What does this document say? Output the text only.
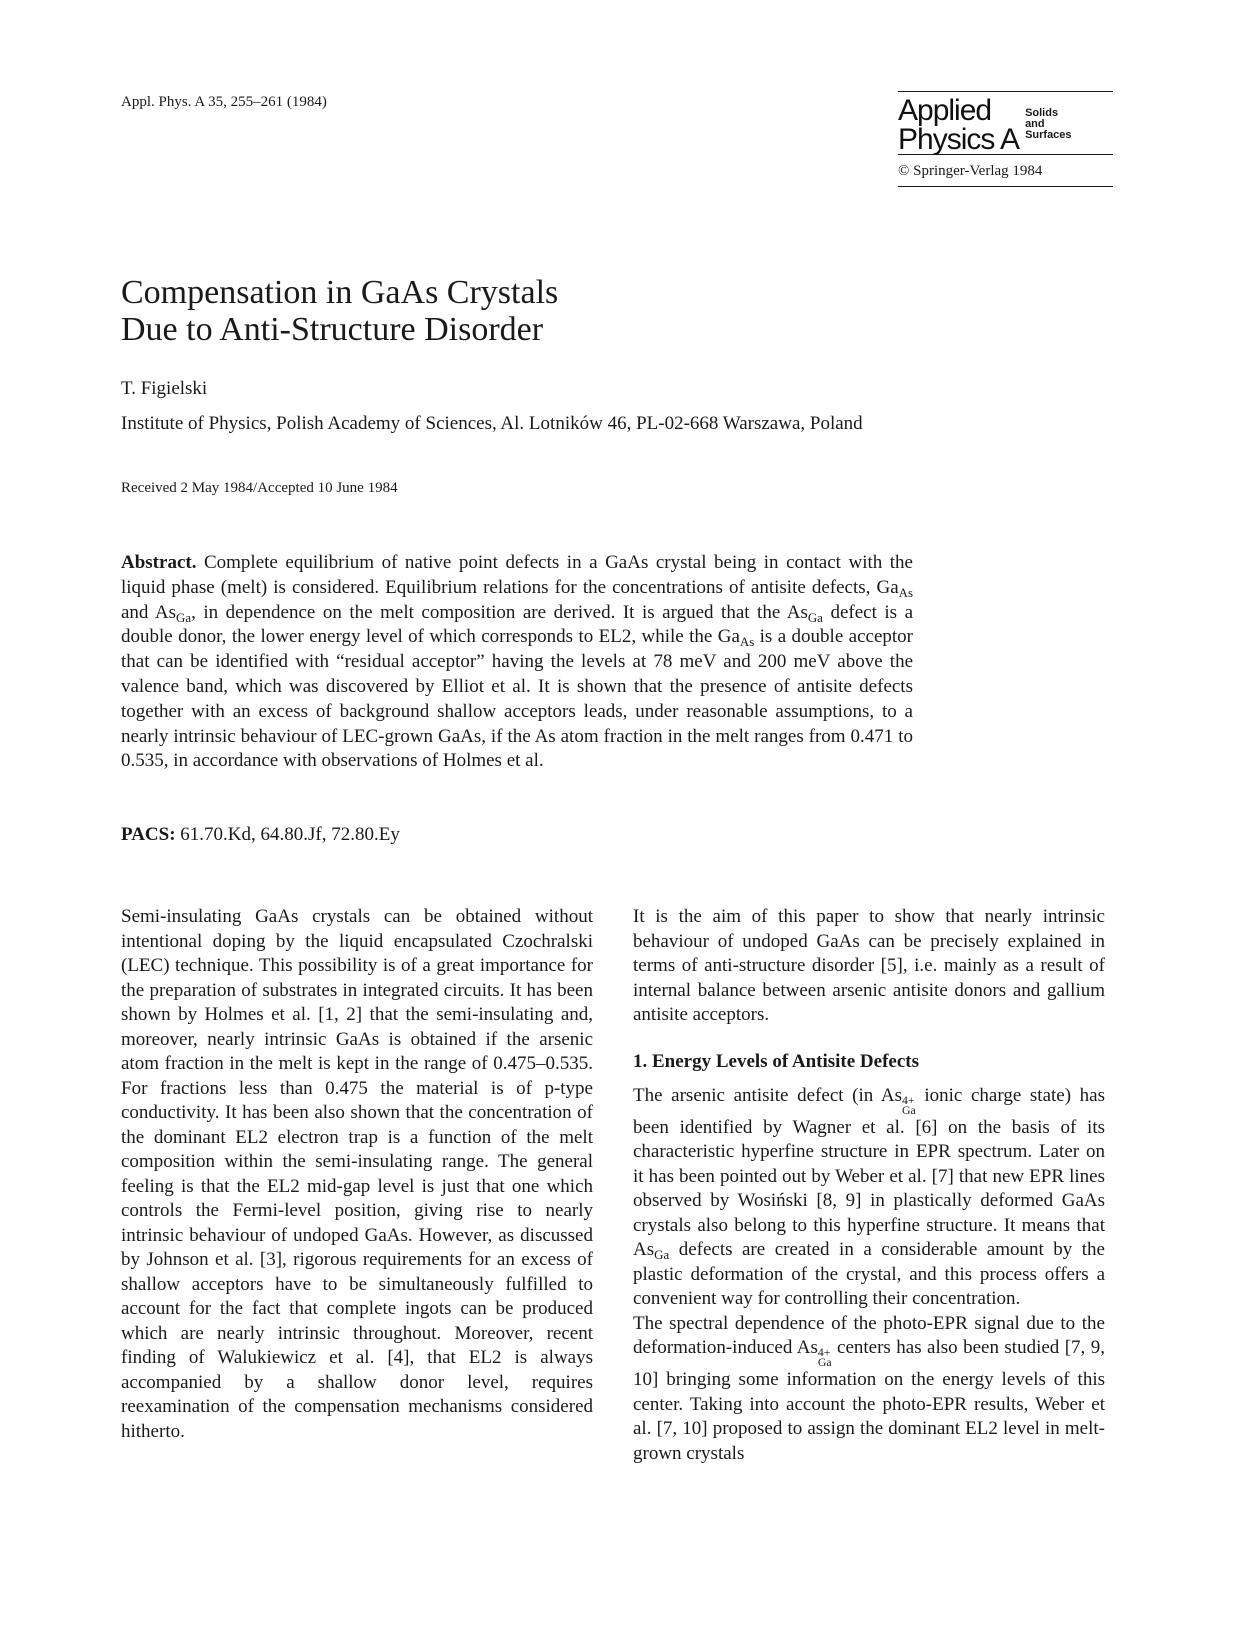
Appl. Phys. A 35, 255–261 (1984)	Applied
Physics A
Solids
and
Surfaces
© Springer-Verlag 1984
Compensation in GaAs Crystals
Due to Anti-Structure Disorder
T. Figielski
Institute of Physics, Polish Academy of Sciences, Al. Lotników 46, PL-02-668 Warszawa, Poland
Received 2 May 1984/Accepted 10 June 1984
Abstract. Complete equilibrium of native point defects in a GaAs crystal being in contact with the liquid phase (melt) is considered. Equilibrium relations for the concentrations of antisite defects, $Ga_{As}$ and $As_{Ga}$, in dependence on the melt composition are derived. It is argued that the $As_{Ga}$ defect is a double donor, the lower energy level of which corresponds to EL2, while the $Ga_{As}$ is a double acceptor that can be identified with “residual acceptor” having the levels at 78 meV and 200 meV above the valence band, which was discovered by Elliot et al. It is shown that the presence of antisite defects together with an excess of background shallow acceptors leads, under reasonable assumptions, to a nearly intrinsic behaviour of LEC-grown GaAs, if the As atom fraction in the melt ranges from 0.471 to 0.535, in accordance with observations of Holmes et al.
PACS: 61.70.Kd, 64.80.Jf, 72.80.Ey

Semi-insulating GaAs crystals can be obtained without intentional doping by the liquid encapsulated Czochralski (LEC) technique. This possibility is of a great importance for the preparation of substrates in integrated circuits. It has been shown by Holmes et al. [1, 2] that the semi-insulating and, moreover, nearly intrinsic GaAs is obtained if the arsenic atom fraction in the melt is kept in the range of 0.475–0.535. For fractions less than 0.475 the material is of p-type conductivity. It has been also shown that the concentration of the dominant EL2 electron trap is a function of the melt composition within the semi-insulating range. The general feeling is that the EL2 mid-gap level is just that one which controls the Fermi-level position, giving rise to nearly intrinsic behaviour of undoped GaAs. However, as discussed by Johnson et al. [3], rigorous requirements for an excess of shallow acceptors have to be simultaneously fulfilled to account for the fact that complete ingots can be produced which are nearly intrinsic throughout. Moreover, recent finding of Walukiewicz et al. [4], that EL2 is always accompanied by a shallow donor level, requires reexamination of the compensation mechanisms considered hitherto.

It is the aim of this paper to show that nearly intrinsic behaviour of undoped GaAs can be precisely explained in terms of anti-structure disorder [5], i.e. mainly as a result of internal balance between arsenic antisite donors and gallium antisite acceptors.

1. Energy Levels of Antisite Defects

The arsenic antisite defect (in As 4+
Ga
ionic charge state) has been identified by Wagner et al. [6] on the basis of its characteristic hyperfine structure in EPR spectrum. Later on it has been pointed out by Weber et al. [7] that new EPR lines observed by Wosiński [8, 9] in plastically deformed GaAs crystals also belong to this hyperfine structure. It means that $As_{Ga}$ defects are created in a considerable amount by the plastic deformation of the crystal, and this process offers a convenient way for controlling their concentration.

The spectral dependence of the photo-EPR signal due to the deformation-induced As 4+
Ga
centers has also been studied [7, 9, 10] bringing some information on the energy levels of this center. Taking into account the photo-EPR results, Weber et al. [7, 10] proposed to assign the dominant EL2 level in melt-grown crystals
